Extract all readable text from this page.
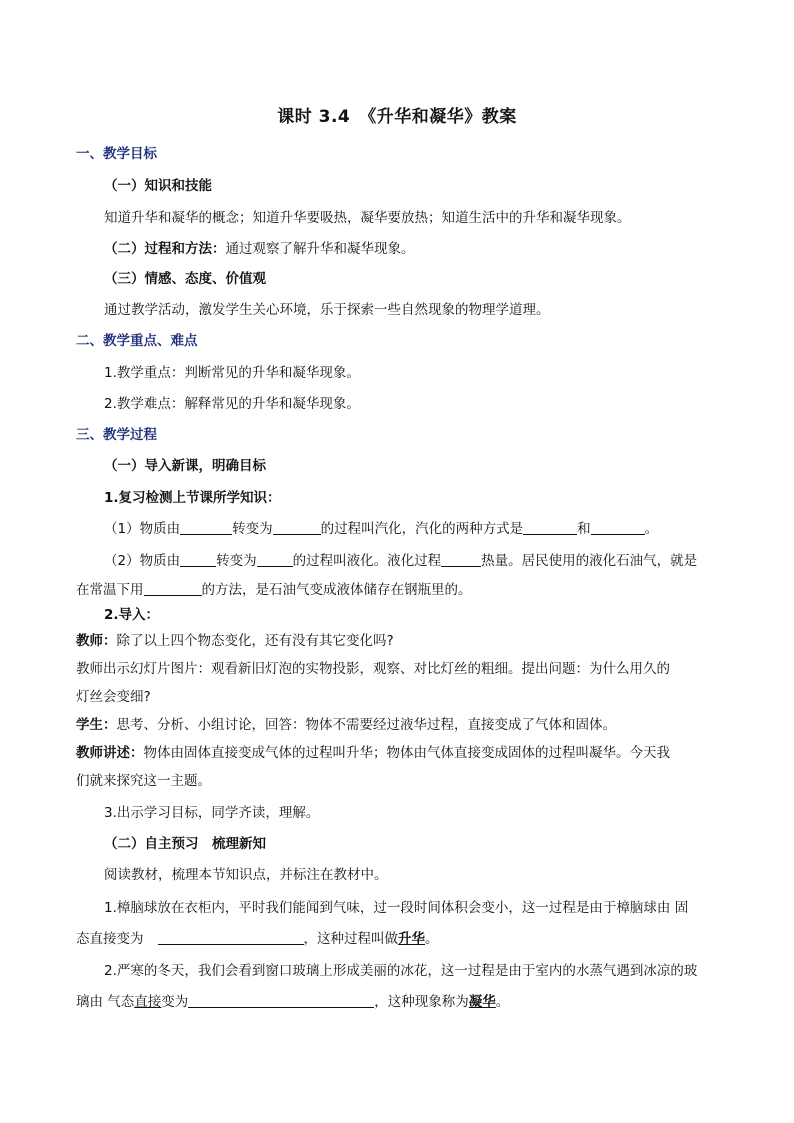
课时 3.4　《升华和凝华》教案
一、教学目标
（一）知识和技能
知道升华和凝华的概念；知道升华要吸热，凝华要放热；知道生活中的升华和凝华现象。
（二）过程和方法：通过观察了解升华和凝华现象。
（三）情感、态度、价值观
通过教学活动，激发学生关心环境，乐于探索一些自然现象的物理学道理。
二、教学重点、难点
1.教学重点：判断常见的升华和凝华现象。
2.教学难点：解释常见的升华和凝华现象。
三、教学过程
（一）导入新课，明确目标
1.复习检测上节课所学知识：
（1）物质由	转变为	的过程叫汽化，汽化的两种方式是	和	。
（2）物质由	转变为	的过程叫液化。液化过程	热量。居民使用的液化石油气，就是
在常温下用	的方法，是石油气变成液体储存在钢瓶里的。
2.导入：
教师：除了以上四个物态变化，还有没有其它变化吗?
教师出示幻灯片图片：观看新旧灯泡的实物投影，观察、对比灯丝的粗细。提出问题：为什么用久的
灯丝会变细?
学生：思考、分析、小组讨论，回答：物体不需要经过液华过程，直接变成了气体和固体。
教师讲述：物体由固体直接变成气体的过程叫升华；物体由气体直接变成固体的过程叫凝华。今天我
们就来探究这一主题。
3.出示学习目标，同学齐读，理解。
（二）自主预习　梳理新知
阅读教材，梳理本节知识点，并标注在教材中。
1.樟脑球放在衣柜内，平时我们能闻到气味，过一段时间体积会变小，这一过程是由于樟脑球由 固
态直接变为	，这种过程叫做升华。
2.严寒的冬天，我们会看到窗口玻璃上形成美丽的冰花，这一过程是由于室内的水蒸气遇到冰凉的玻
璃由 气态直接变为	，这种现象称为凝华。
